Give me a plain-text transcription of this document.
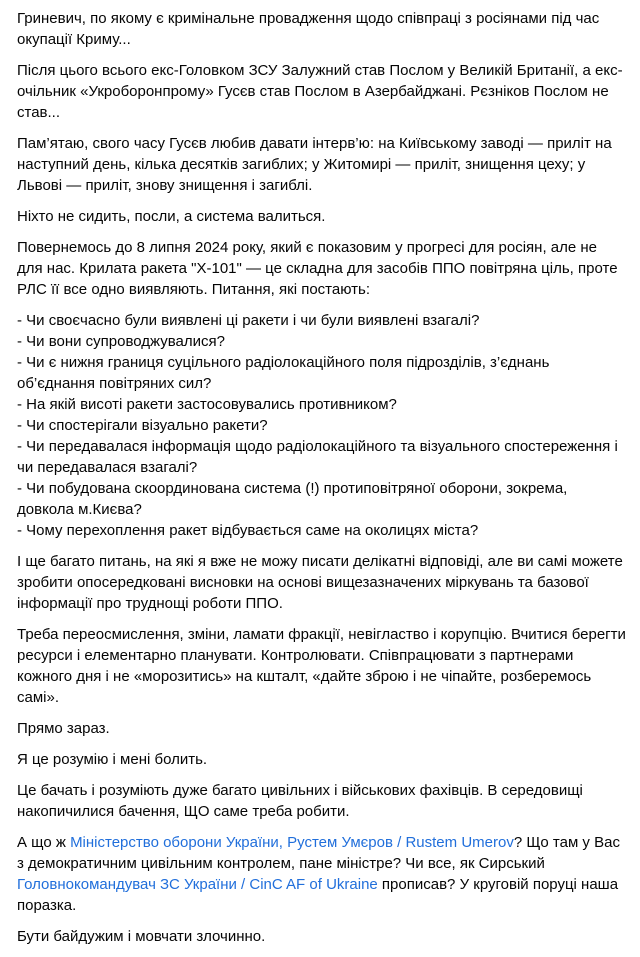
Гриневич, по якому є кримінальне провадження щодо співпраці з росіянами під час окупації Криму...
Після цього всього екс-Головком ЗСУ Залужний став Послом у Великій Британії, а екс-очільник «Укроборонпрому» Гусєв став Послом в Азербайджані. Рєзніков Послом не став...
Пам’ятаю, свого часу Гусєв любив давати інтерв’ю: на Київському заводі — приліт на наступний день, кілька десятків загиблих; у Житомирі — приліт, знищення цеху; у Львові — приліт, знову знищення і загиблі.
Ніхто не сидить, посли, а система валиться.
Повернемось до 8 липня 2024 року, який є показовим у прогресі для росіян, але не для нас. Крилата ракета "Х-101" — це складна для засобів ППО повітряна ціль, проте РЛС її все одно виявляють. Питання, які постають:
- Чи своєчасно були виявлені ці ракети і чи були виявлені взагалі?
- Чи вони супроводжувалися?
- Чи є нижня границя суцільного радіолокаційного поля підрозділів, з’єднань об’єднання повітряних сил?
- На якій висоті ракети застосовувались противником?
- Чи спостерігали візуально ракети?
- Чи передавалася інформація щодо радіолокаційного та візуального спостереження і чи передавалася взагалі?
- Чи побудована скоординована система (!) протиповітряної оборони, зокрема, довкола м.Києва?
- Чому перехоплення ракет відбувається саме на околицях міста?
І ще багато питань, на які я вже не можу писати делікатні відповіді, але ви самі можете зробити опосередковані висновки на основі вищезазначених міркувань та базової інформації про труднощі роботи ППО.
Треба переосмислення, зміни, ламати фракції, невігластво і корупцію. Вчитися берегти ресурси і елементарно планувати. Контролювати. Співпрацювати з партнерами кожного дня і не «морозитись» на кшталт, «дайте зброю і не чіпайте, розберемось самі».
Прямо зараз.
Я це розумію і мені болить.
Це бачать і розуміють дуже багато цивільних і військових фахівців. В середовищі накопичилися бачення, ЩО саме треба робити.
А що ж Міністерство оборони України, Рустем Умєров / Rustem Umerov? Що там у Вас з демократичним цивільним контролем, пане міністре? Чи все, як Сирський Головнокомандувач ЗС України / CinC AF of Ukraine прописав? У круговій поруці наша поразка.
Бути байдужим і мовчати злочинно.
